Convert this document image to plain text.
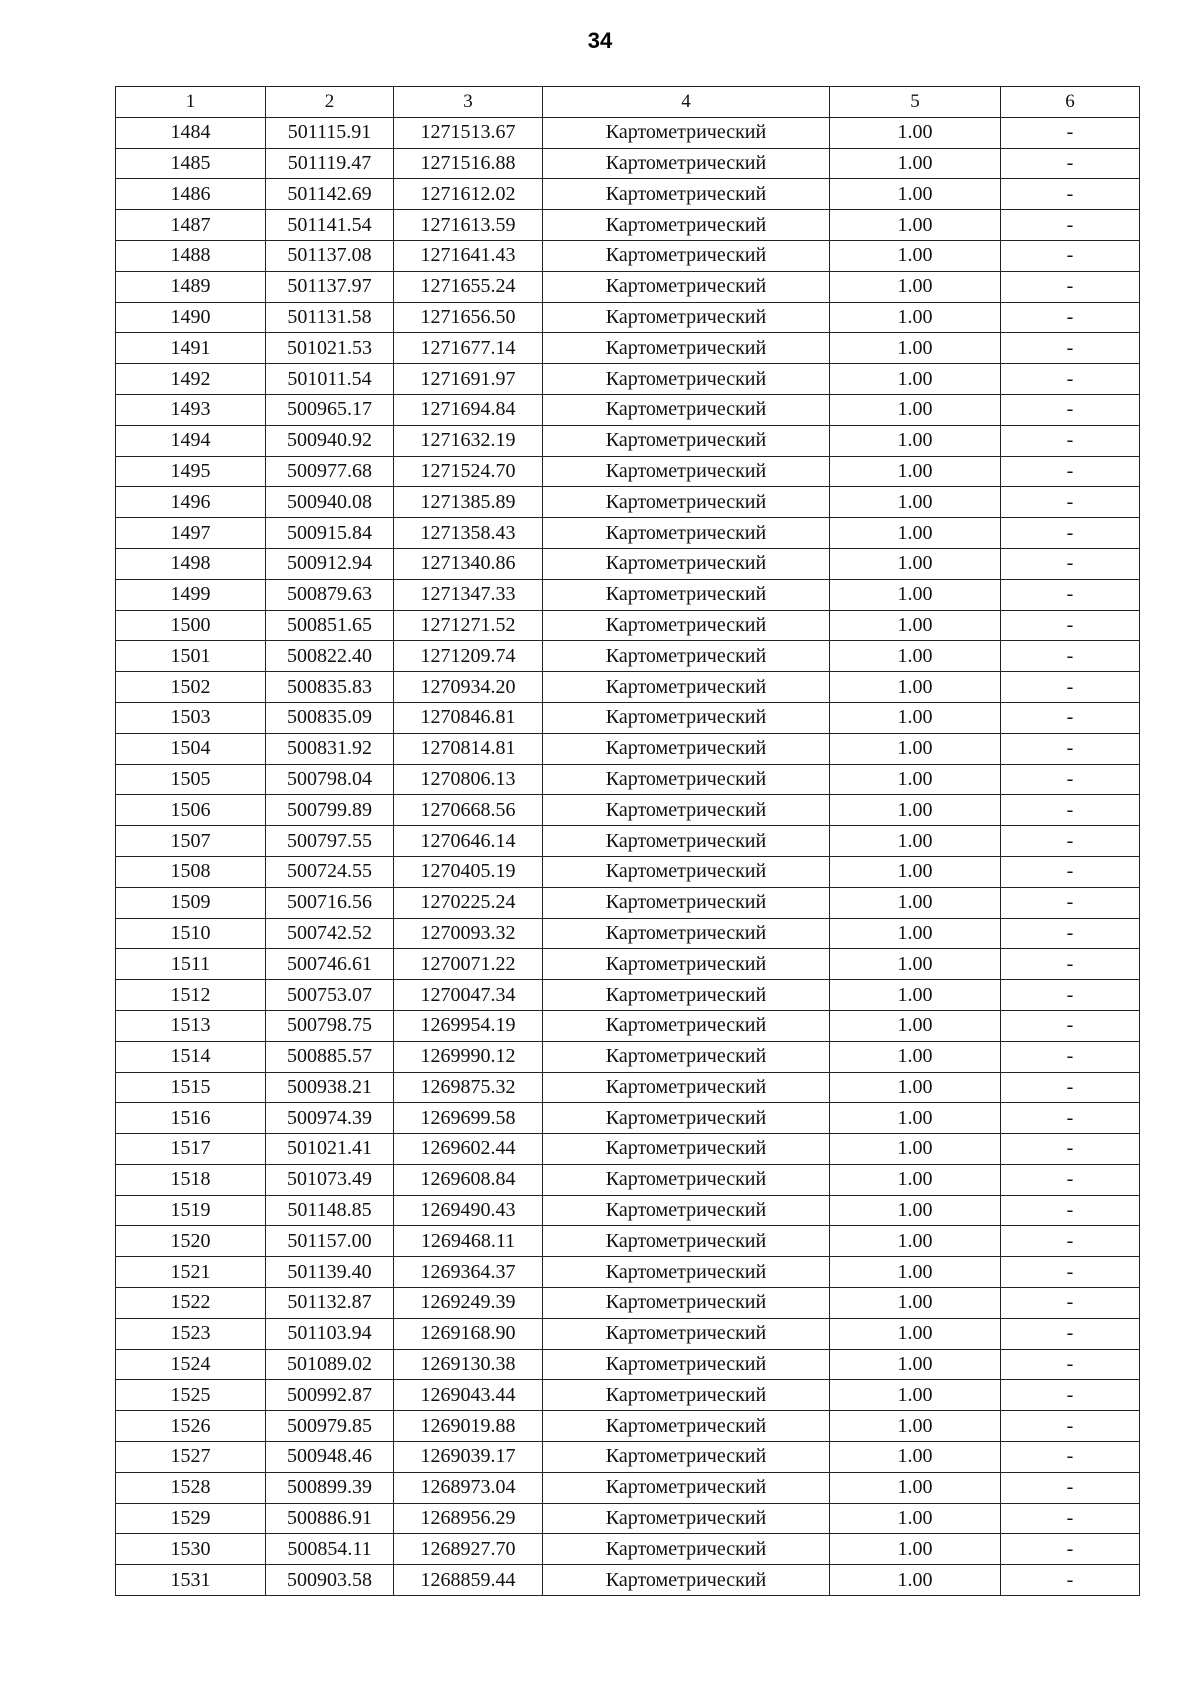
34
1	2	3	4	5	6
1484	501115.91	1271513.67	Картометрический	1.00	-
1485	501119.47	1271516.88	Картометрический	1.00	-
1486	501142.69	1271612.02	Картометрический	1.00	-
1487	501141.54	1271613.59	Картометрический	1.00	-
1488	501137.08	1271641.43	Картометрический	1.00	-
1489	501137.97	1271655.24	Картометрический	1.00	-
1490	501131.58	1271656.50	Картометрический	1.00	-
1491	501021.53	1271677.14	Картометрический	1.00	-
1492	501011.54	1271691.97	Картометрический	1.00	-
1493	500965.17	1271694.84	Картометрический	1.00	-
1494	500940.92	1271632.19	Картометрический	1.00	-
1495	500977.68	1271524.70	Картометрический	1.00	-
1496	500940.08	1271385.89	Картометрический	1.00	-
1497	500915.84	1271358.43	Картометрический	1.00	-
1498	500912.94	1271340.86	Картометрический	1.00	-
1499	500879.63	1271347.33	Картометрический	1.00	-
1500	500851.65	1271271.52	Картометрический	1.00	-
1501	500822.40	1271209.74	Картометрический	1.00	-
1502	500835.83	1270934.20	Картометрический	1.00	-
1503	500835.09	1270846.81	Картометрический	1.00	-
1504	500831.92	1270814.81	Картометрический	1.00	-
1505	500798.04	1270806.13	Картометрический	1.00	-
1506	500799.89	1270668.56	Картометрический	1.00	-
1507	500797.55	1270646.14	Картометрический	1.00	-
1508	500724.55	1270405.19	Картометрический	1.00	-
1509	500716.56	1270225.24	Картометрический	1.00	-
1510	500742.52	1270093.32	Картометрический	1.00	-
1511	500746.61	1270071.22	Картометрический	1.00	-
1512	500753.07	1270047.34	Картометрический	1.00	-
1513	500798.75	1269954.19	Картометрический	1.00	-
1514	500885.57	1269990.12	Картометрический	1.00	-
1515	500938.21	1269875.32	Картометрический	1.00	-
1516	500974.39	1269699.58	Картометрический	1.00	-
1517	501021.41	1269602.44	Картометрический	1.00	-
1518	501073.49	1269608.84	Картометрический	1.00	-
1519	501148.85	1269490.43	Картометрический	1.00	-
1520	501157.00	1269468.11	Картометрический	1.00	-
1521	501139.40	1269364.37	Картометрический	1.00	-
1522	501132.87	1269249.39	Картометрический	1.00	-
1523	501103.94	1269168.90	Картометрический	1.00	-
1524	501089.02	1269130.38	Картометрический	1.00	-
1525	500992.87	1269043.44	Картометрический	1.00	-
1526	500979.85	1269019.88	Картометрический	1.00	-
1527	500948.46	1269039.17	Картометрический	1.00	-
1528	500899.39	1268973.04	Картометрический	1.00	-
1529	500886.91	1268956.29	Картометрический	1.00	-
1530	500854.11	1268927.70	Картометрический	1.00	-
1531	500903.58	1268859.44	Картометрический	1.00	-
